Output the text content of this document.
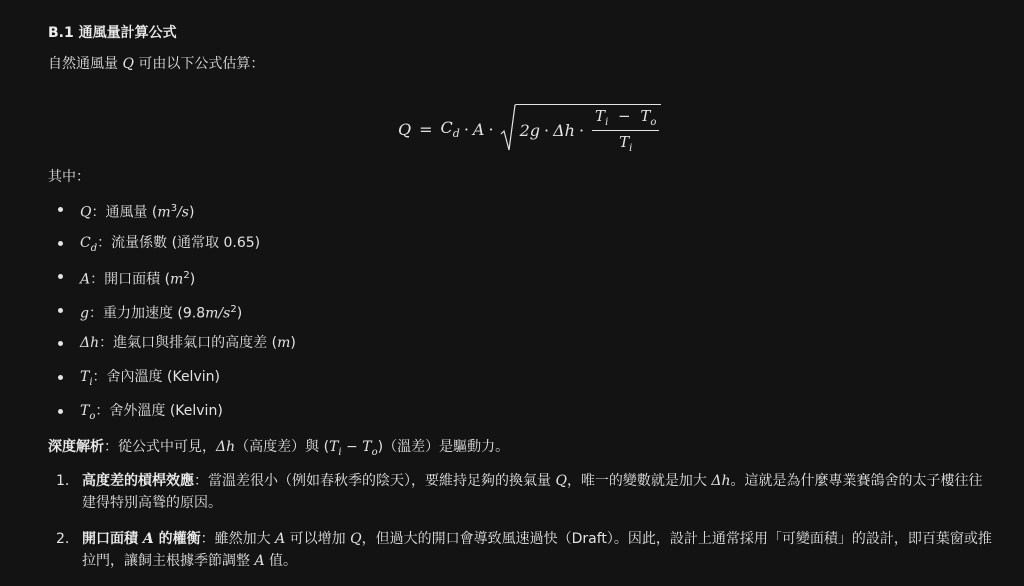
B.1 通風量計算公式
自然通風量 Q 可由以下公式估算：
$Q = C_d \cdot A \cdot 2g \cdot \Delta h \cdot \frac{T_i - T_o}{T_i}$
其中：
Q：通風量 $(m^3/s)$
$C_d$：流量係數 (通常取 0.65)
A：開口面積 $(m^2)$
g：重力加速度 $(9.8m/s^2)$
Δh：進氣口與排氣口的高度差 (m)
$T_i$：舍內溫度 (Kelvin)
$T_o$：舍外溫度 (Kelvin)
深度解析：從公式中可見，Δh（高度差）與 $(T_i - T_o)$（溫差）是驅動力。
1. 高度差的槓桿效應：當溫差很小（例如春秋季的陰天），要維持足夠的換氣量 Q，唯一的變數就是加大 Δh。這就是為什麼專業賽鴿舍的太子樓往往建得特別高聳的原因。
2. 開口面積 A 的權衡：雖然加大 A 可以增加 Q，但過大的開口會導致風速過快（Draft）。因此，設計上通常採用「可變面積」的設計，即百葉窗或推拉門，讓飼主根據季節調整 A 值。
